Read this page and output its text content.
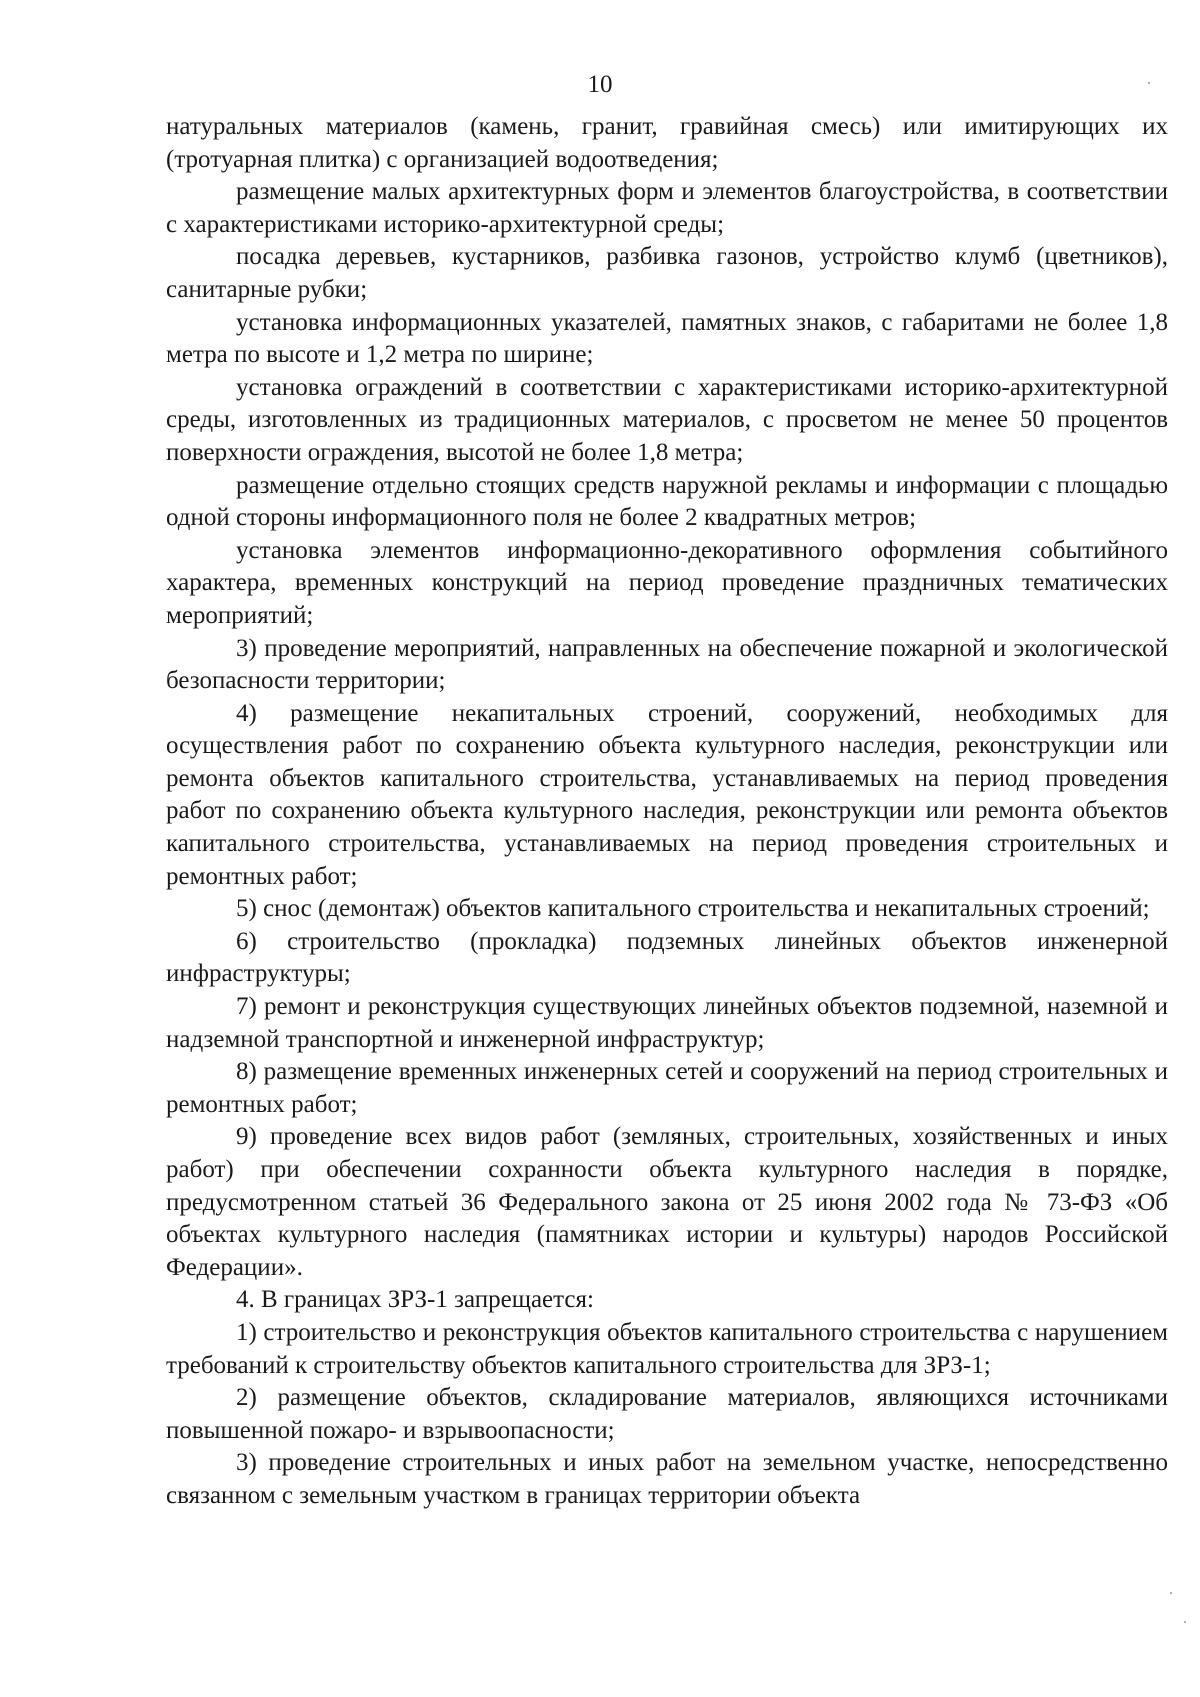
10

натуральных материалов (камень, гранит, гравийная смесь) или имитирующих их (тротуарная плитка) с организацией водоотведения;

размещение малых архитектурных форм и элементов благоустройства, в соответствии с характеристиками историко-архитектурной среды;

посадка деревьев, кустарников, разбивка газонов, устройство клумб (цветников), санитарные рубки;

установка информационных указателей, памятных знаков, с габаритами не более 1,8 метра по высоте и 1,2 метра по ширине;

установка ограждений в соответствии с характеристиками историко-архитектурной среды, изготовленных из традиционных материалов, с просветом не менее 50 процентов поверхности ограждения, высотой не более 1,8 метра;

размещение отдельно стоящих средств наружной рекламы и информации с площадью одной стороны информационного поля не более 2 квадратных метров;

установка элементов информационно-декоративного оформления событийного характера, временных конструкций на период проведение праздничных тематических мероприятий;

3) проведение мероприятий, направленных на обеспечение пожарной и экологической безопасности территории;

4) размещение некапитальных строений, сооружений, необходимых для осуществления работ по сохранению объекта культурного наследия, реконструкции или ремонта объектов капитального строительства, устанавливаемых на период проведения работ по сохранению объекта культурного наследия, реконструкции или ремонта объектов капитального строительства, устанавливаемых на период проведения строительных и ремонтных работ;

5) снос (демонтаж) объектов капитального строительства и некапитальных строений;

6) строительство (прокладка) подземных линейных объектов инженерной инфраструктуры;

7) ремонт и реконструкция существующих линейных объектов подземной, наземной и надземной транспортной и инженерной инфраструктур;

8) размещение временных инженерных сетей и сооружений на период строительных и ремонтных работ;

9) проведение всех видов работ (земляных, строительных, хозяйственных и иных работ) при обеспечении сохранности объекта культурного наследия в порядке, предусмотренном статьей 36 Федерального закона от 25 июня 2002 года № 73-ФЗ «Об объектах культурного наследия (памятниках истории и культуры) народов Российской Федерации».

4. В границах ЗРЗ-1 запрещается:

1) строительство и реконструкция объектов капитального строительства с нарушением требований к строительству объектов капитального строительства для ЗРЗ-1;

2) размещение объектов, складирование материалов, являющихся источниками повышенной пожаро- и взрывоопасности;

3) проведение строительных и иных работ на земельном участке, непосредственно связанном с земельным участком в границах территории объекта
